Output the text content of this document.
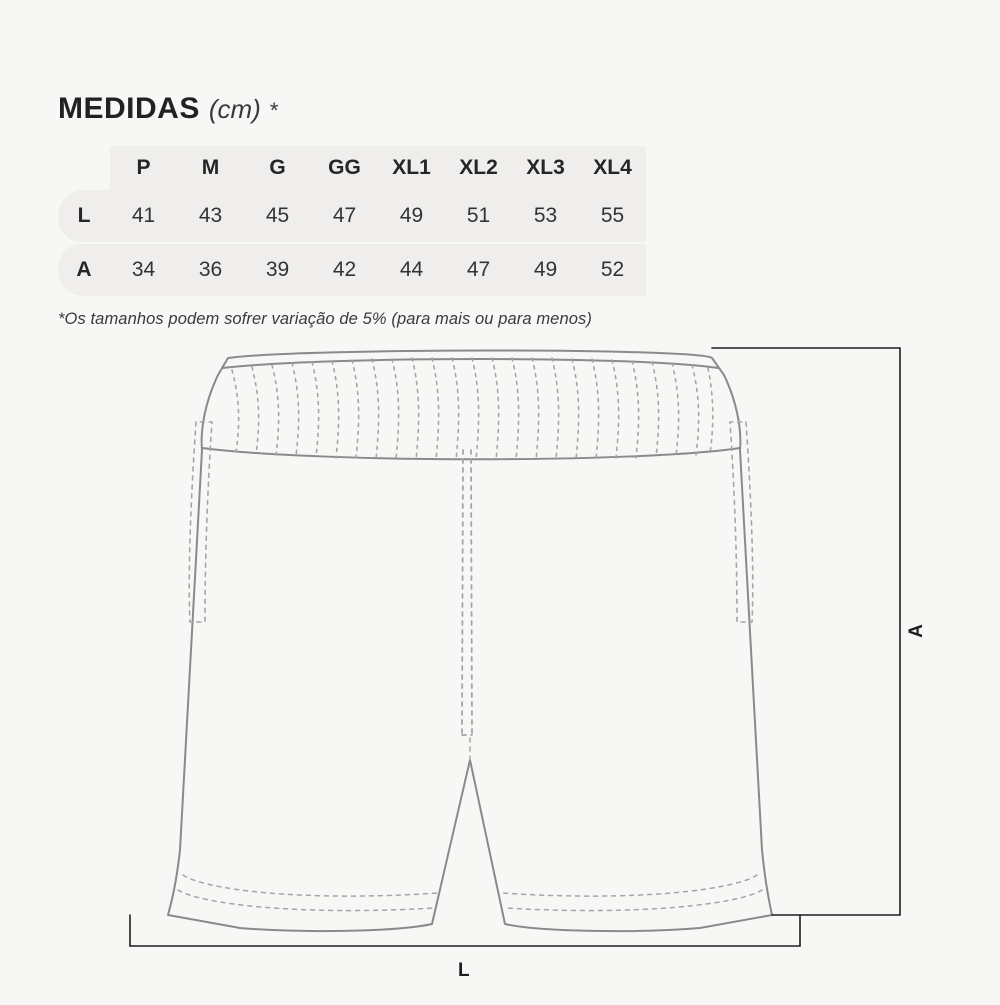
MEDIDAS (cm) *
	P	M	G	GG	XL1	XL2	XL3	XL4
L	41	43	45	47	49	51	53	55
A	34	36	39	42	44	47	49	52
*Os tamanhos podem sofrer variação de 5% (para mais ou para menos)
A
L
